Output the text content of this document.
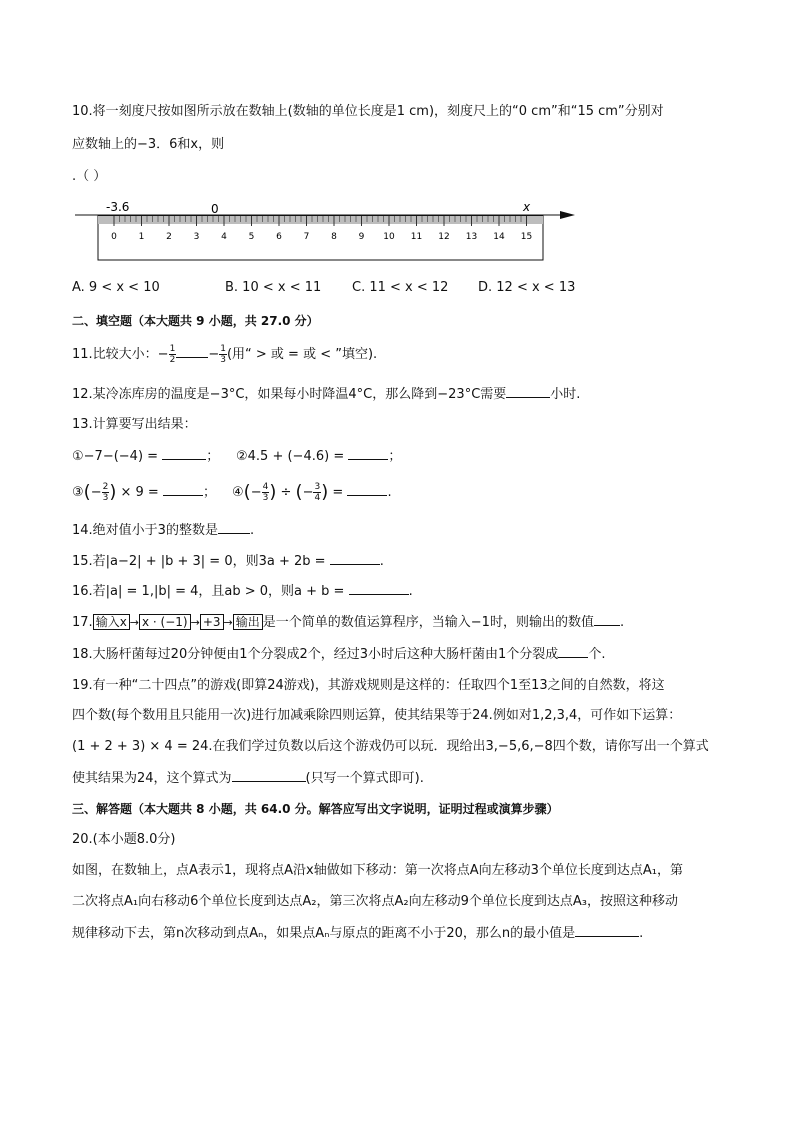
10.将一刻度尺按如图所示放在数轴上(数轴的单位长度是1 cm)，刻度尺上的“0 cm”和“15 cm”分别对
应数轴上的−3．6和x，则
.（ ）
-3.6	0	x
0 1 2 3 4 5 6 7 8 9 10 11 12 13 14 15
A. 9 < x < 10	B. 10 < x < 11 C. 11 < x < 12 D. 12 < x < 13
二、填空题（本大题共 9 小题，共 27.0 分）
11.比较大小：− $\frac{1}{2} - \frac{1}{3}$ (用“ > 或 = 或 < ”填空).
12.某冷冻库房的温度是−3°C，如果每小时降温4°C，那么降到−23°C需要	小时.
13.计算要写出结果：
①−7−(−4) =	； ②4.5 + (−4.6) =	；
③(− $\frac{2}{3}$ ) × 9 =	； ④(− $\frac{4}{3}$ ) ÷ (− $\frac{3}{4}$ ) =	.
14.绝对值小于3的整数是 .
15.若|a−2| + |b + 3| = 0，则3a + 2b =	.
16.若|a| = 1,|b| = 4，且ab > 0，则a + b =	.
17. 输入x → x · (−1) → +3 → 输出 是一个简单的数值运算程序，当输入−1时，则输出的数值 .
18.大肠杆菌每过20分钟便由1个分裂成2个，经过3小时后这种大肠杆菌由1个分裂成 个.
19.有一种“二十四点”的游戏(即算24游戏)，其游戏规则是这样的：任取四个1至13之间的自然数，将这
四个数(每个数用且只能用一次)进行加减乘除四则运算，使其结果等于24.例如对1,2,3,4，可作如下运算：
(1 + 2 + 3) × 4 = 24.在我们学过负数以后这个游戏仍可以玩．现给出3,−5,6,−8四个数，请你写出一个算式
使其结果为24，这个算式为	(只写一个算式即可).
三、解答题（本大题共 8 小题，共 64.0 分。解答应写出文字说明，证明过程或演算步骤）
20.(本小题8.0分)
如图，在数轴上，点A表示1，现将点A沿x轴做如下移动：第一次将点A向左移动3个单位长度到达点A₁，第
二次将点A₁向右移动6个单位长度到达点A₂，第三次将点A₂向左移动9个单位长度到达点A₃，按照这种移动
规律移动下去，第n次移动到点Aₙ，如果点Aₙ与原点的距离不小于20，那么n的最小值是	.
